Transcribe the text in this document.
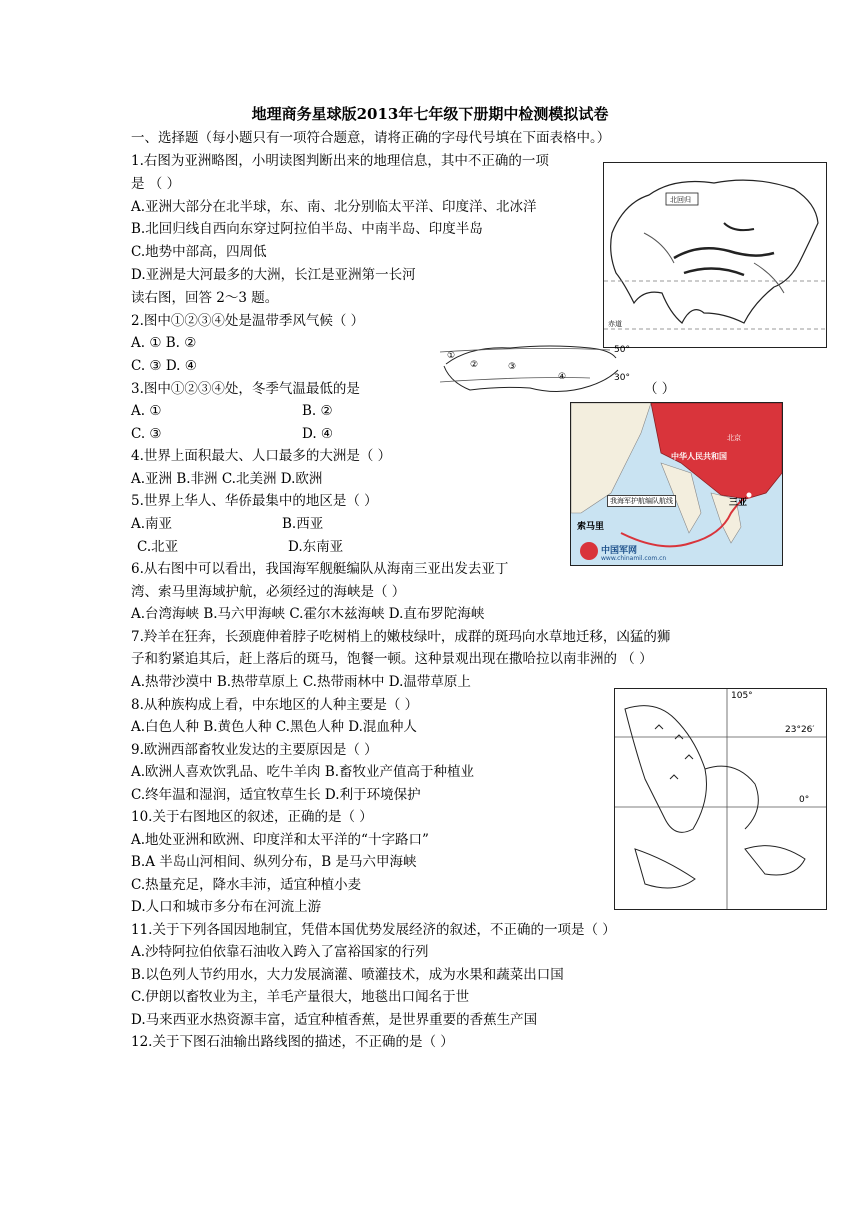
地理商务星球版2013年七年级下册期中检测模拟试卷
一、选择题（每小题只有一项符合题意，请将正确的字母代号填在下面表格中。）
1.右图为亚洲略图，小明读图判断出来的地理信息，其中不正确的一项
是 （ ）
A.亚洲大部分在北半球，东、南、北分别临太平洋、印度洋、北冰洋
B.北回归线自西向东穿过阿拉伯半岛、中南半岛、印度半岛
C.地势中部高，四周低
D.亚洲是大河最多的大洲，长江是亚洲第一长河
读右图，回答 2～3 题。
2.图中①②③④处是温带季风气候（ ）
A. ① B. ②
C. ③ D. ④
3.图中①②③④处，冬季气温最低的是	（ ）
A. ①	B. ②
C. ③	D. ④
4.世界上面积最大、人口最多的大洲是（ ）
A.亚洲 B.非洲 C.北美洲 D.欧洲
5.世界上华人、华侨最集中的地区是（ ）
A.南亚	B.西亚
C.北亚	D.东南亚
6.从右图中可以看出，我国海军舰艇编队从海南三亚出发去亚丁
湾、索马里海域护航，必须经过的海峡是（ ）
A.台湾海峡 B.马六甲海峡 C.霍尔木兹海峡 D.直布罗陀海峡
7.羚羊在狂奔，长颈鹿伸着脖子吃树梢上的嫩枝绿叶，成群的斑玛向水草地迁移，凶猛的狮
子和豹紧追其后，赶上落后的斑马，饱餐一顿。这种景观出现在撒哈拉以南非洲的 （ ）
A.热带沙漠中 B.热带草原上 C.热带雨林中 D.温带草原上
8.从种族构成上看，中东地区的人种主要是（ ）
A.白色人种 B.黄色人种 C.黑色人种 D.混血种人
9.欧洲西部畜牧业发达的主要原因是（ ）
A.欧洲人喜欢饮乳品、吃牛羊肉 B.畜牧业产值高于种植业
C.终年温和湿润，适宜牧草生长 D.利于环境保护
10.关于右图地区的叙述，正确的是（ ）
A.地处亚洲和欧洲、印度洋和太平洋的“十字路口”
B.A 半岛山河相间、纵列分布，B 是马六甲海峡
C.热量充足，降水丰沛，适宜种植小麦
D.人口和城市多分布在河流上游
11.关于下列各国因地制宜，凭借本国优势发展经济的叙述，不正确的一项是（ ）
A.沙特阿拉伯依靠石油收入跨入了富裕国家的行列
B.以色列人节约用水，大力发展滴灌、喷灌技术，成为水果和蔬菜出口国
C.伊朗以畜牧业为主，羊毛产量很大，地毯出口闻名于世
D.马来西亚水热资源丰富，适宜种植香蕉，是世界重要的香蕉生产国
12.关于下图石油输出路线图的描述，不正确的是（ ）
北回归
赤道
50°
30°
①
②	③
④
中华人民共和国
北京
三亚
我海军护航编队航线
索马里
中国军网
www.chinamil.com.cn
105°
23°26′
0°
